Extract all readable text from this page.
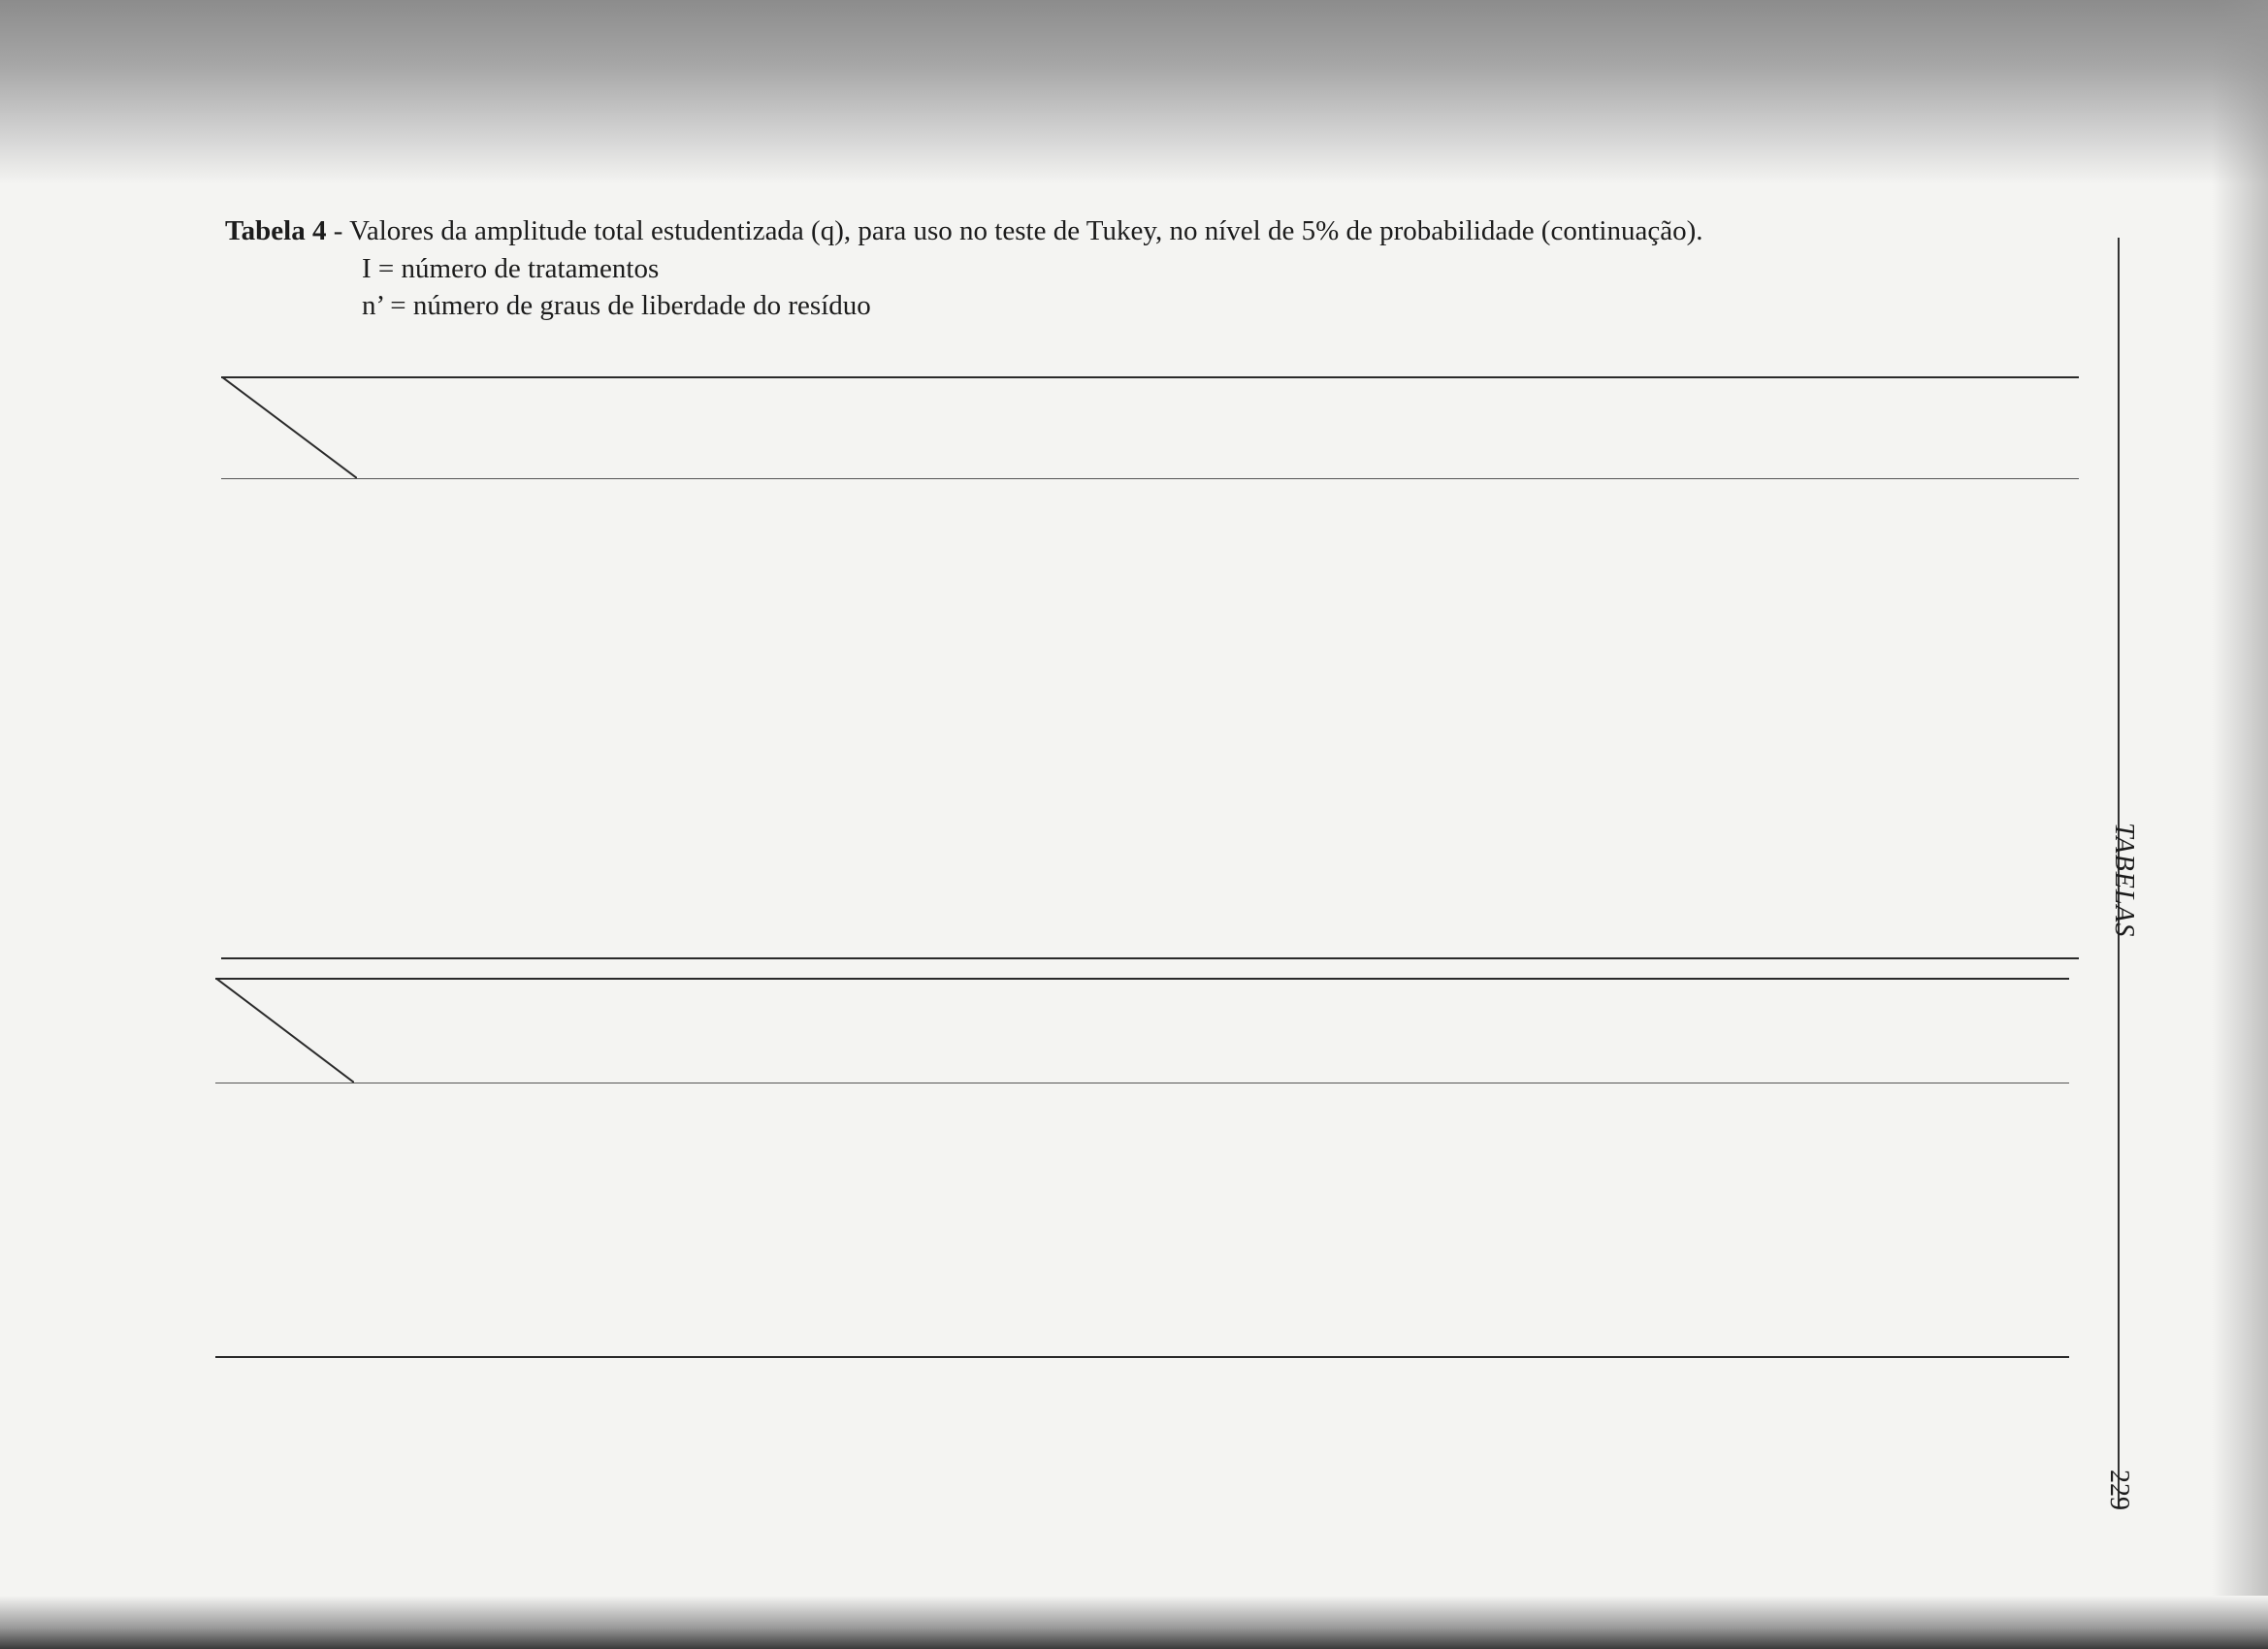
Tabela 4 - Valores da amplitude total estudentizada (q), para uso no teste de Tukey, no nível de 5% de probabilidade (continuação).
I = número de tratamentos
n’ = número de graus de liberdade do resíduo
TABELAS
229
